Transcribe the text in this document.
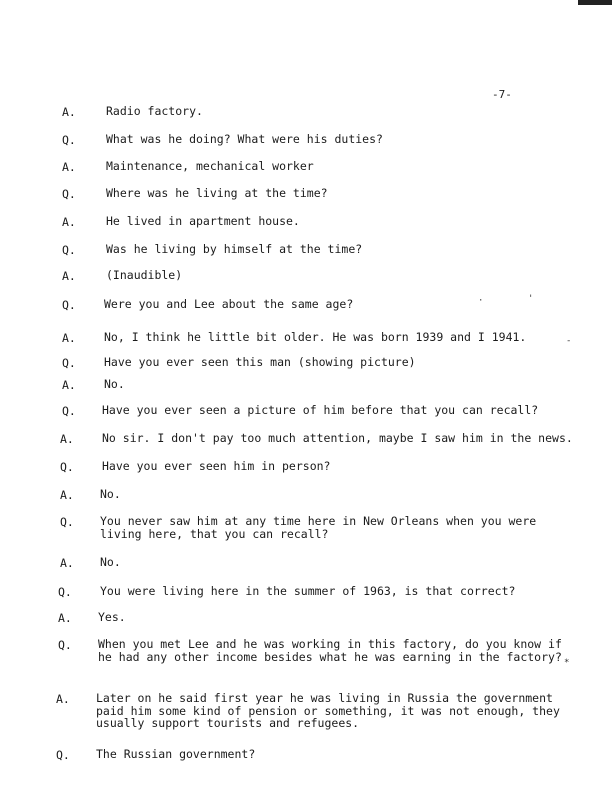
-7-
A.	Radio factory.
Q.	What was he doing? What were his duties?
A.	Maintenance, mechanical worker
Q.	Where was he living at the time?
A.	He lived in apartment house.
Q.	Was he living by himself at the time?
A.	(Inaudible)
Q. Were you and Lee about the same age?
A. No, I think he little bit older. He was born 1939 and I 1941.
Q. Have you ever seen this man (showing picture)
A. No.
Q. Have you ever seen a picture of him before that you can recall?
A. No sir. I don't pay too much attention, maybe I saw him in the news.
Q. Have you ever seen him in person?
A. No.
Q. You never saw him at any time here in New Orleans when you were living here, that you can recall?
A. No.
Q. You were living here in the summer of 1963, is that correct?
A. Yes.
Q. When you met Lee and he was working in this factory, do you know if he had any other income besides what he was earning in the factory?
A. Later on he said first year he was living in Russia the government paid him some kind of pension or something, it was not enough, they usually support tourists and refugees.
Q. The Russian government?
·	'
-
*
